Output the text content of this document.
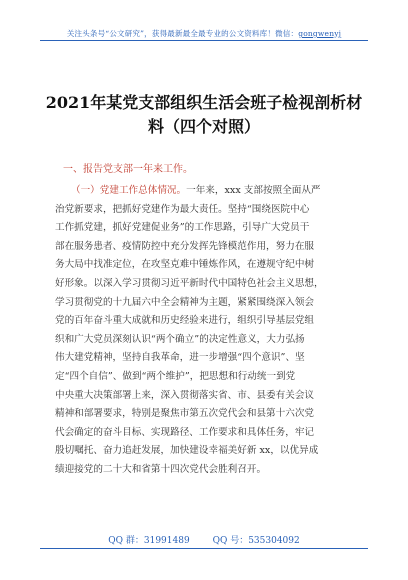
关注头条号“公文研究”，获得最新最全最专业的公文资料库！微信：gongwenyj
2021年某党支部组织生活会班子检视剖析材
料（四个对照）
一、报告党支部一年来工作。
（一）党建工作总体情况。一年来，xxx 支部按照全面从严
治党新要求，把抓好党建作为最大责任。坚持“围绕医院中心
工作抓党建，抓好党建促业务”的工作思路，引导广大党员干
部在服务患者、疫情防控中充分发挥先锋模范作用，努力在服
务大局中找准定位，在攻坚克难中锤炼作风，在遵规守纪中树
好形象。以深入学习贯彻习近平新时代中国特色社会主义思想，
学习贯彻党的十九届六中全会精神为主题，紧紧围绕深入领会
党的百年奋斗重大成就和历史经验来进行，组织引导基层党组
织和广大党员深刻认识“两个确立”的决定性意义，大力弘扬
伟大建党精神，坚持自我革命，进一步增强“四个意识”、坚
定“四个自信”、做到“两个维护”，把思想和行动统一到党
中央重大决策部署上来，深入贯彻落实省、市、县委有关会议
精神和部署要求，特别是聚焦市第五次党代会和县第十六次党
代会确定的奋斗目标、实现路径、工作要求和具体任务，牢记
殷切嘱托、奋力追赶发展，加快建设幸福美好新 xx，以优异成
绩迎接党的二十大和省第十四次党代会胜利召开。
QQ 群：31991489	QQ 号：535304092
